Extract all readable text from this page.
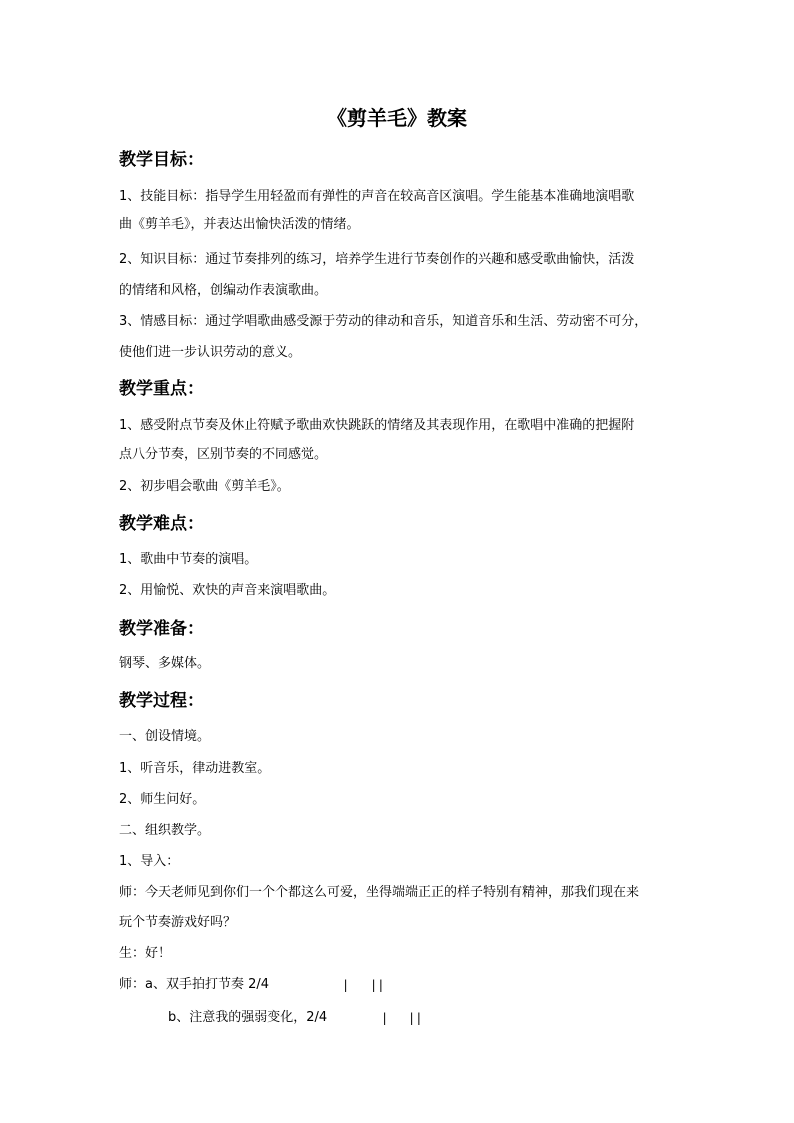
《剪羊毛》教案
教学目标：
1、技能目标：指导学生用轻盈而有弹性的声音在较高音区演唱。学生能基本准确地演唱歌
曲《剪羊毛》，并表达出愉快活泼的情绪。
2、知识目标：通过节奏排列的练习，培养学生进行节奏创作的兴趣和感受歌曲愉快，活泼
的情绪和风格，创编动作表演歌曲。
3、情感目标：通过学唱歌曲感受源于劳动的律动和音乐，知道音乐和生活、劳动密不可分，
使他们进一步认识劳动的意义。
教学重点：
1、感受附点节奏及休止符赋予歌曲欢快跳跃的情绪及其表现作用，在歌唱中准确的把握附
点八分节奏，区别节奏的不同感觉。
2、初步唱会歌曲《剪羊毛》。
教学难点：
1、歌曲中节奏的演唱。
2、用愉悦、欢快的声音来演唱歌曲。
教学准备：
钢琴、多媒体。
教学过程：
一、创设情境。
1、听音乐，律动进教室。
2、师生问好。
二、组织教学。
1、导入：
师：今天老师见到你们一个个都这么可爱，坐得端端正正的样子特别有精神，那我们现在来
玩个节奏游戏好吗？
生：好！
师：a、双手拍打节奏 2/4	| ||
b、注意我的强弱变化，2/4	| ||
